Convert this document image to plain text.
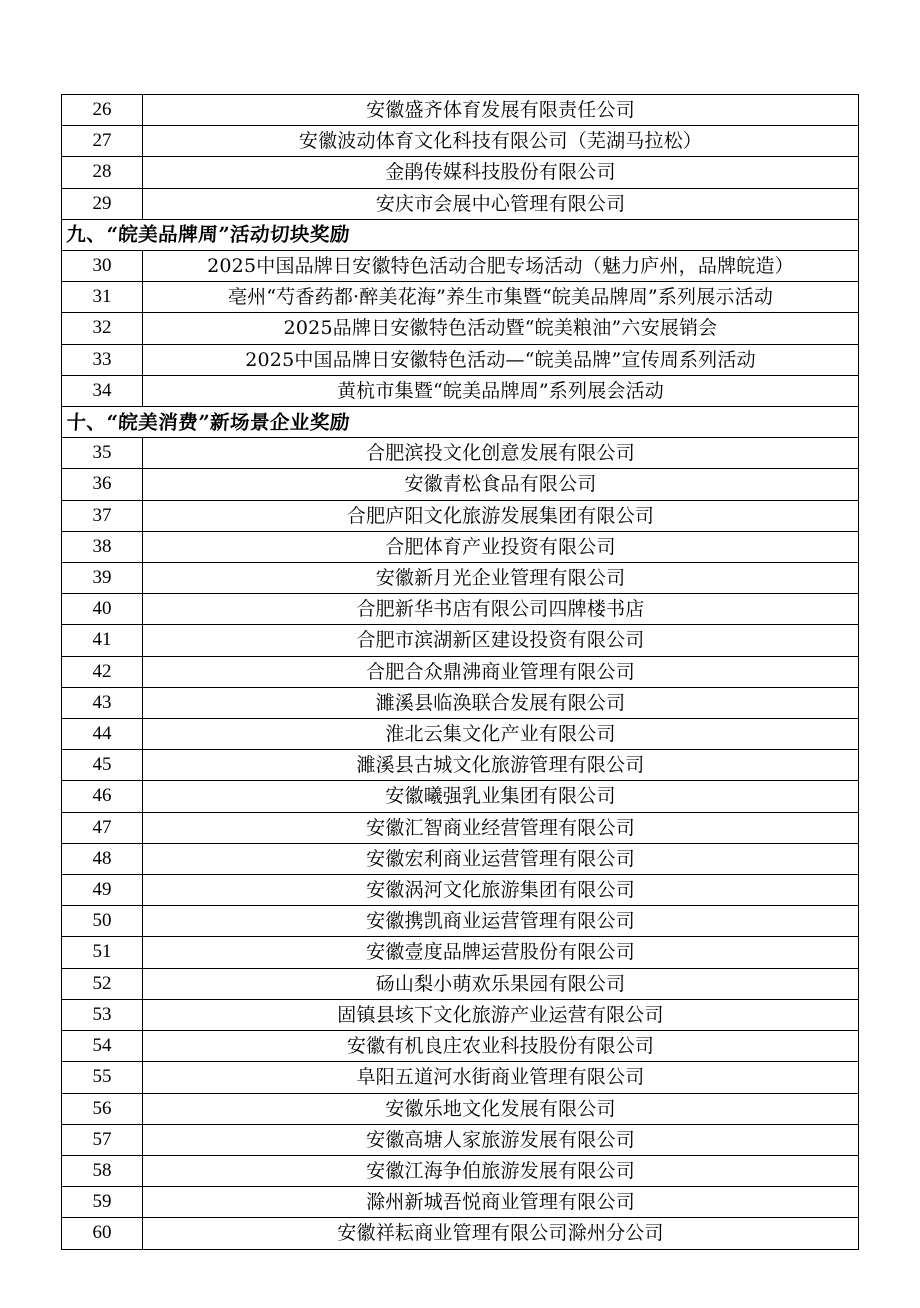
26	安徽盛齐体育发展有限责任公司
27	安徽波动体育文化科技有限公司（芜湖马拉松）
28	金鹃传媒科技股份有限公司
29	安庆市会展中心管理有限公司
九、“皖美品牌周”活动切块奖励	
30	2025中国品牌日安徽特色活动合肥专场活动（魅力庐州，品牌皖造）
31	亳州“芍香药都·醉美花海”养生市集暨“皖美品牌周”系列展示活动
32	2025品牌日安徽特色活动暨“皖美粮油”六安展销会
33	2025中国品牌日安徽特色活动—“皖美品牌”宣传周系列活动
34	黄杭市集暨“皖美品牌周”系列展会活动
十、“皖美消费”新场景企业奖励	
35	合肥滨投文化创意发展有限公司
36	安徽青松食品有限公司
37	合肥庐阳文化旅游发展集团有限公司
38	合肥体育产业投资有限公司
39	安徽新月光企业管理有限公司
40	合肥新华书店有限公司四牌楼书店
41	合肥市滨湖新区建设投资有限公司
42	合肥合众鼎沸商业管理有限公司
43	濉溪县临涣联合发展有限公司
44	淮北云集文化产业有限公司
45	濉溪县古城文化旅游管理有限公司
46	安徽曦强乳业集团有限公司
47	安徽汇智商业经营管理有限公司
48	安徽宏利商业运营管理有限公司
49	安徽涡河文化旅游集团有限公司
50	安徽携凯商业运营管理有限公司
51	安徽壹度品牌运营股份有限公司
52	砀山梨小萌欢乐果园有限公司
53	固镇县垓下文化旅游产业运营有限公司
54	安徽有机良庄农业科技股份有限公司
55	阜阳五道河水街商业管理有限公司
56	安徽乐地文化发展有限公司
57	安徽高塘人家旅游发展有限公司
58	安徽江海争伯旅游发展有限公司
59	滁州新城吾悦商业管理有限公司
60	安徽祥耘商业管理有限公司滁州分公司
